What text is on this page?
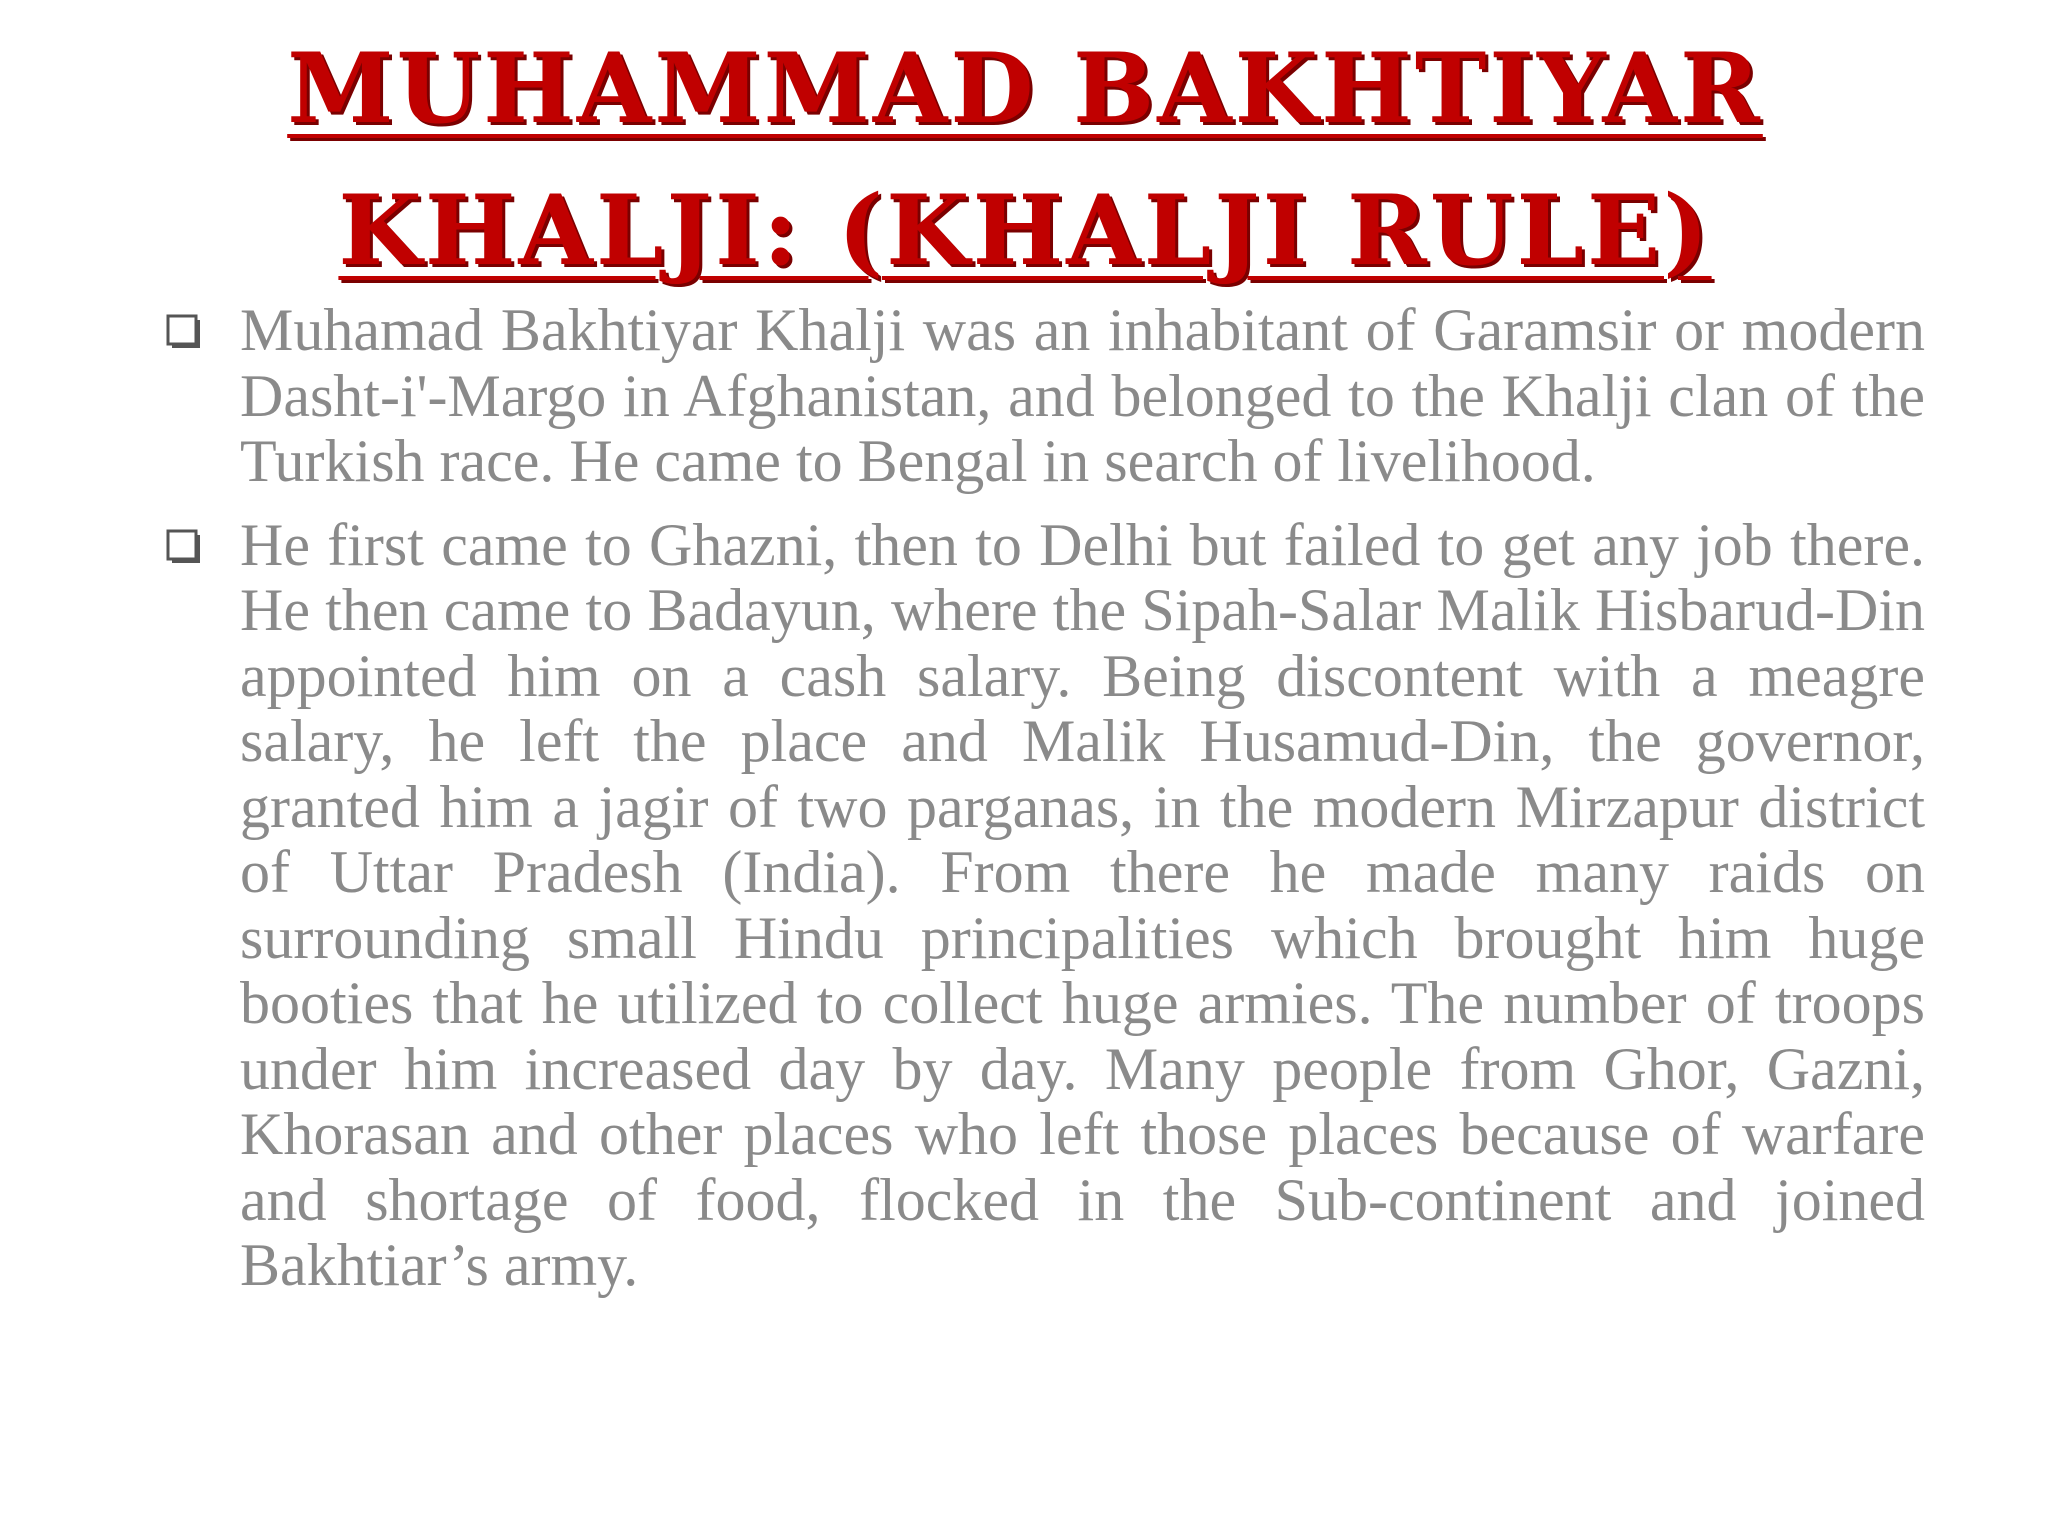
MUHAMMAD BAKHTIYAR
KHALJI: (KHALJI RULE)

Muhamad Bakhtiyar Khalji was an inhabitant of Garamsir or modern Dasht-i'-Margo in Afghanistan, and belonged to the Khalji clan of the Turkish race. He came to Bengal in search of livelihood.

He first came to Ghazni, then to Delhi but failed to get any job there. He then came to Badayun, where the Sipah-Salar Malik Hisbarud-Din appointed him on a cash salary. Being discontent with a meagre salary, he left the place and Malik Husamud-Din, the governor, granted him a jagir of two parganas, in the modern Mirzapur district of Uttar Pradesh (India). From there he made many raids on surrounding small Hindu principalities which brought him huge booties that he utilized to collect huge armies. The number of troops under him increased day by day. Many people from Ghor, Gazni, Khorasan and other places who left those places because of warfare and shortage of food, flocked in the Sub-continent and joined Bakhtiar’s army.
